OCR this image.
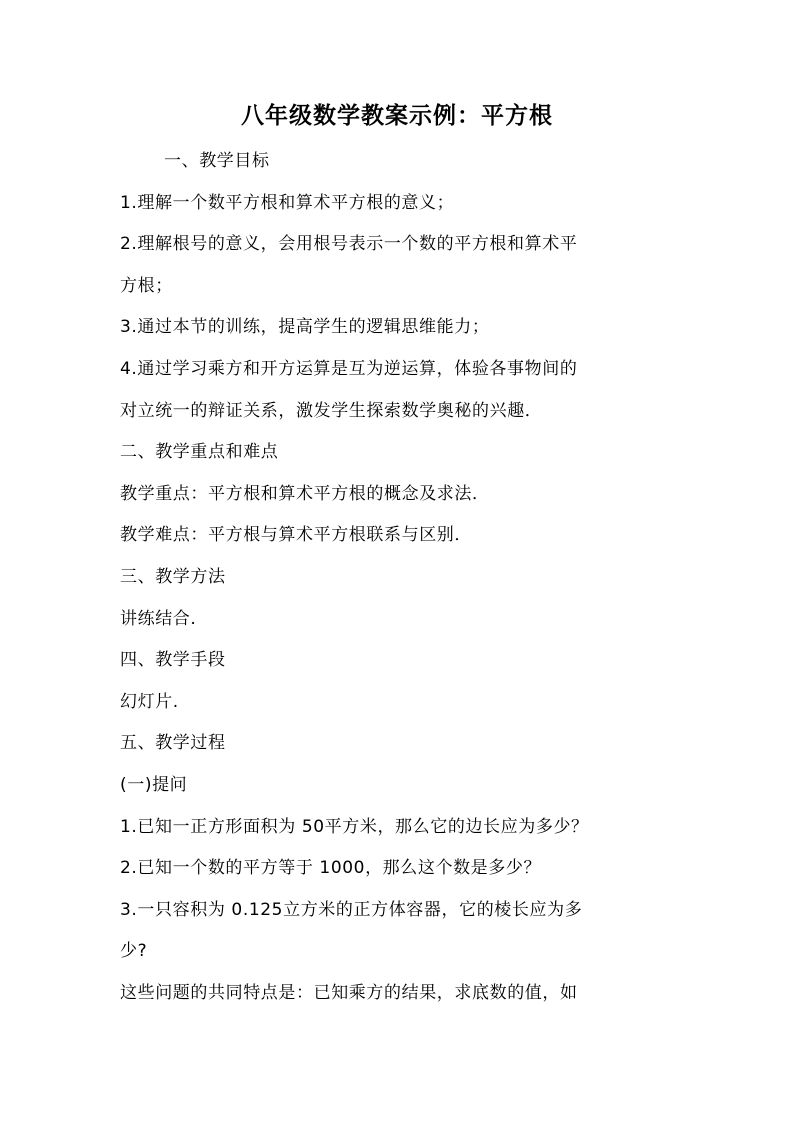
八年级数学教案示例：平方根
一、教学目标
1.理解一个数平方根和算术平方根的意义；
2.理解根号的意义，会用根号表示一个数的平方根和算术平
方根；
3.通过本节的训练，提高学生的逻辑思维能力；
4.通过学习乘方和开方运算是互为逆运算，体验各事物间的
对立统一的辩证关系，激发学生探索数学奥秘的兴趣．
二、教学重点和难点
教学重点：平方根和算术平方根的概念及求法．
教学难点：平方根与算术平方根联系与区别．
三、教学方法
讲练结合.
四、教学手段
幻灯片.
五、教学过程
(一)提问
1.已知一正方形面积为 50平方米，那么它的边长应为多少？
2.已知一个数的平方等于 1000，那么这个数是多少？
3.一只容积为 0.125立方米的正方体容器，它的棱长应为多
少?
这些问题的共同特点是：已知乘方的结果，求底数的值，如
